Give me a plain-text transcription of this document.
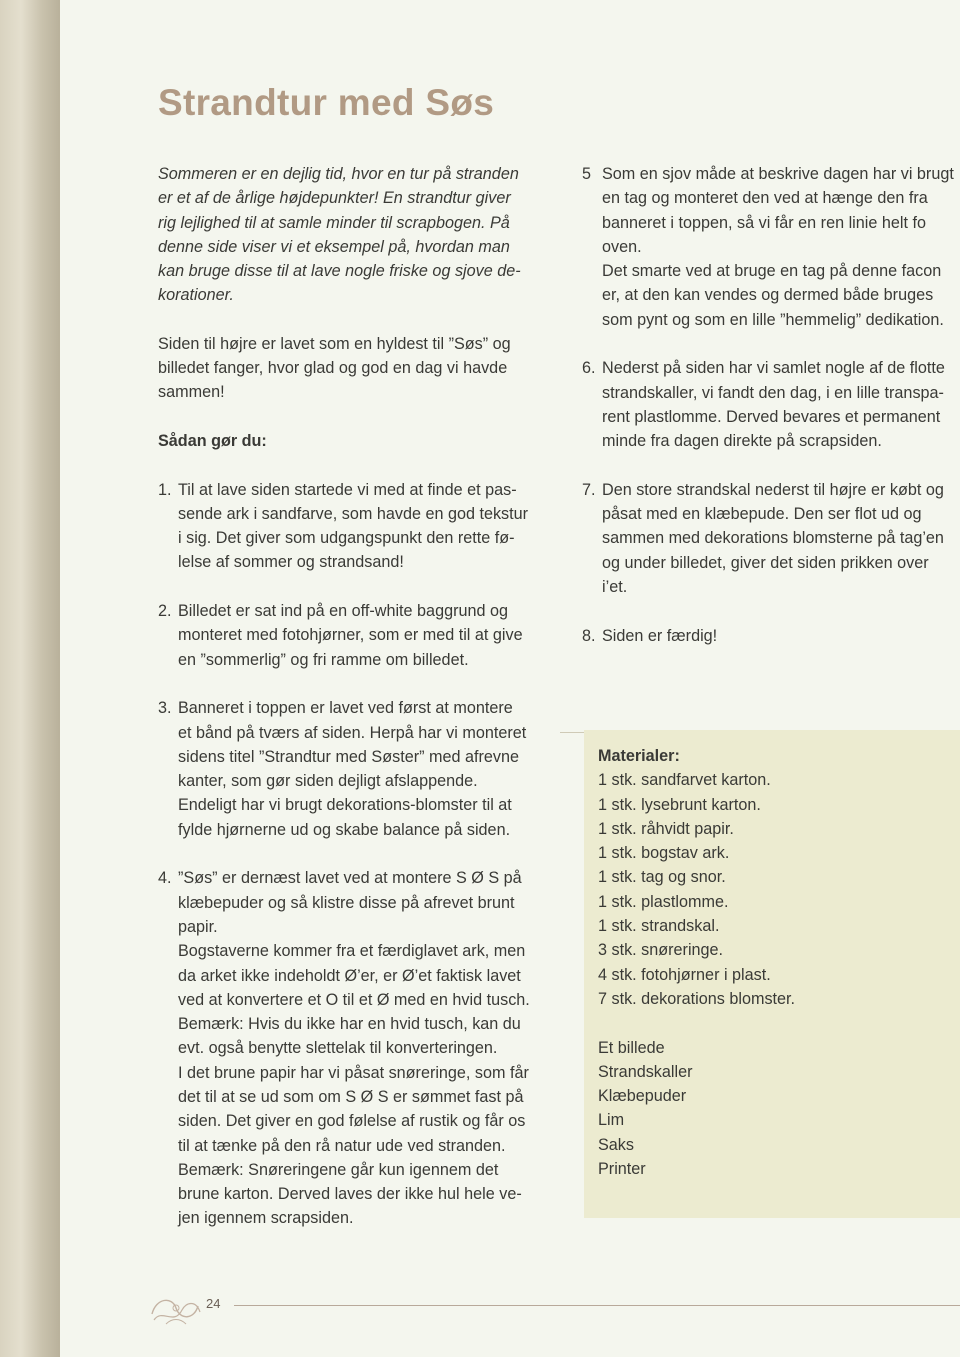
Strandtur med Søs
Sommeren er en dejlig tid, hvor en tur på stranden
er et af de årlige højdepunkter! En strandtur giver
rig lejlighed til at samle minder til scrapbogen. På
denne side viser vi et eksempel på, hvordan man
kan bruge disse til at lave nogle friske og sjove de-
korationer.

Siden til højre er lavet som en hyldest til ”Søs” og
billedet fanger, hvor glad og god en dag vi havde
sammen!

Sådan gør du:
1. Til at lave siden startede vi med at finde et pas-
sende ark i sandfarve, som havde en god tekstur
i sig. Det giver som udgangspunkt den rette fø-
lelse af sommer og strandsand!
2. Billedet er sat ind på en off-white baggrund og
monteret med fotohjørner, som er med til at give
en ”sommerlig” og fri ramme om billedet.
3. Banneret i toppen er lavet ved først at montere
et bånd på tværs af siden. Herpå har vi monteret
sidens titel ”Strandtur med Søster” med afrevne
kanter, som gør siden dejligt afslappende.
Endeligt har vi brugt dekorations-blomster til at
fylde hjørnerne ud og skabe balance på siden.
4. ”Søs” er dernæst lavet ved at montere S Ø S på
klæbepuder og så klistre disse på afrevet brunt
papir.
Bogstaverne kommer fra et færdiglavet ark, men
da arket ikke indeholdt Ø’er, er Ø’et faktisk lavet
ved at konvertere et O til et Ø med en hvid tusch.
Bemærk: Hvis du ikke har en hvid tusch, kan du
evt. også benytte slettelak til konverteringen.
I det brune papir har vi påsat snøreringe, som får
det til at se ud som om S Ø S er sømmet fast på
siden. Det giver en god følelse af rustik og får os
til at tænke på den rå natur ude ved stranden.
Bemærk: Snøreringene går kun igennem det
brune karton. Derved laves der ikke hul hele ve-
jen igennem scrapsiden.
5 Som en sjov måde at beskrive dagen har vi brugt
en tag og monteret den ved at hænge den fra
banneret i toppen, så vi får en ren linie helt fo
oven.
Det smarte ved at bruge en tag på denne facon
er, at den kan vendes og dermed både bruges
som pynt og som en lille ”hemmelig” dedikation.
6. Nederst på siden har vi samlet nogle af de flotte
strandskaller, vi fandt den dag, i en lille transpa-
rent plastlomme. Derved bevares et permanent
minde fra dagen direkte på scrapsiden.
7. Den store strandskal nederst til højre er købt og
påsat med en klæbepude. Den ser flot ud og
sammen med dekorations blomsterne på tag’en
og under billedet, giver det siden prikken over
i’et.
8. Siden er færdig!
Materialer:
1 stk. sandfarvet karton.
1 stk. lysebrunt karton.
1 stk. råhvidt papir.
1 stk. bogstav ark.
1 stk. tag og snor.
1 stk. plastlomme.
1 stk. strandskal.
3 stk. snøreringe.
4 stk. fotohjørner i plast.
7 stk. dekorations blomster.
Et billede
Strandskaller
Klæbepuder
Lim
Saks
Printer
24
